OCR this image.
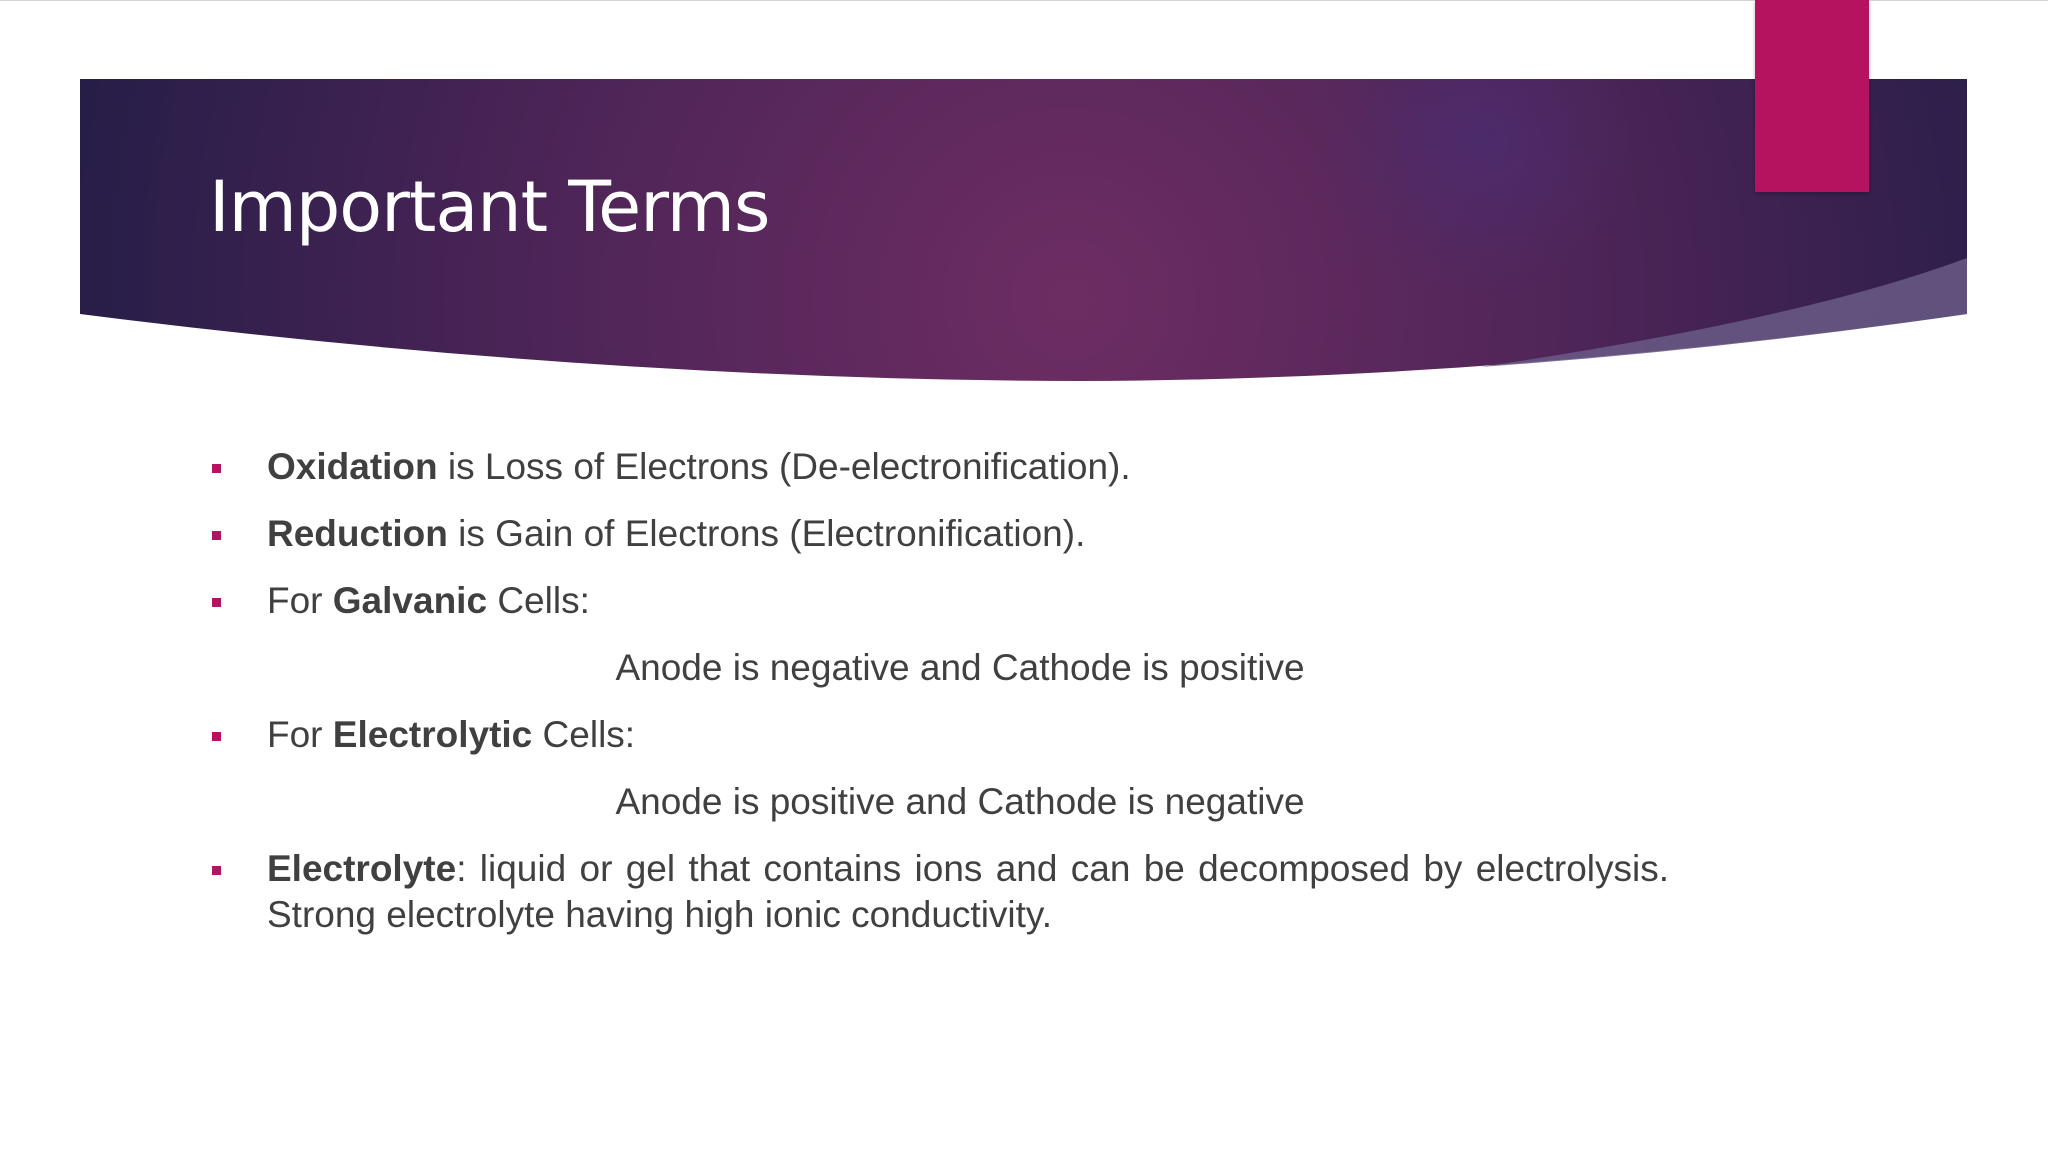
Important Terms
Oxidation is Loss of Electrons (De-electronification).
Reduction is Gain of Electrons (Electronification).
For Galvanic Cells:
Anode is negative and Cathode is positive
For Electrolytic Cells:
Anode is positive and Cathode is negative
Electrolyte: liquid or gel that contains ions and can be decomposed by electrolysis. Strong electrolyte having high ionic conductivity.
